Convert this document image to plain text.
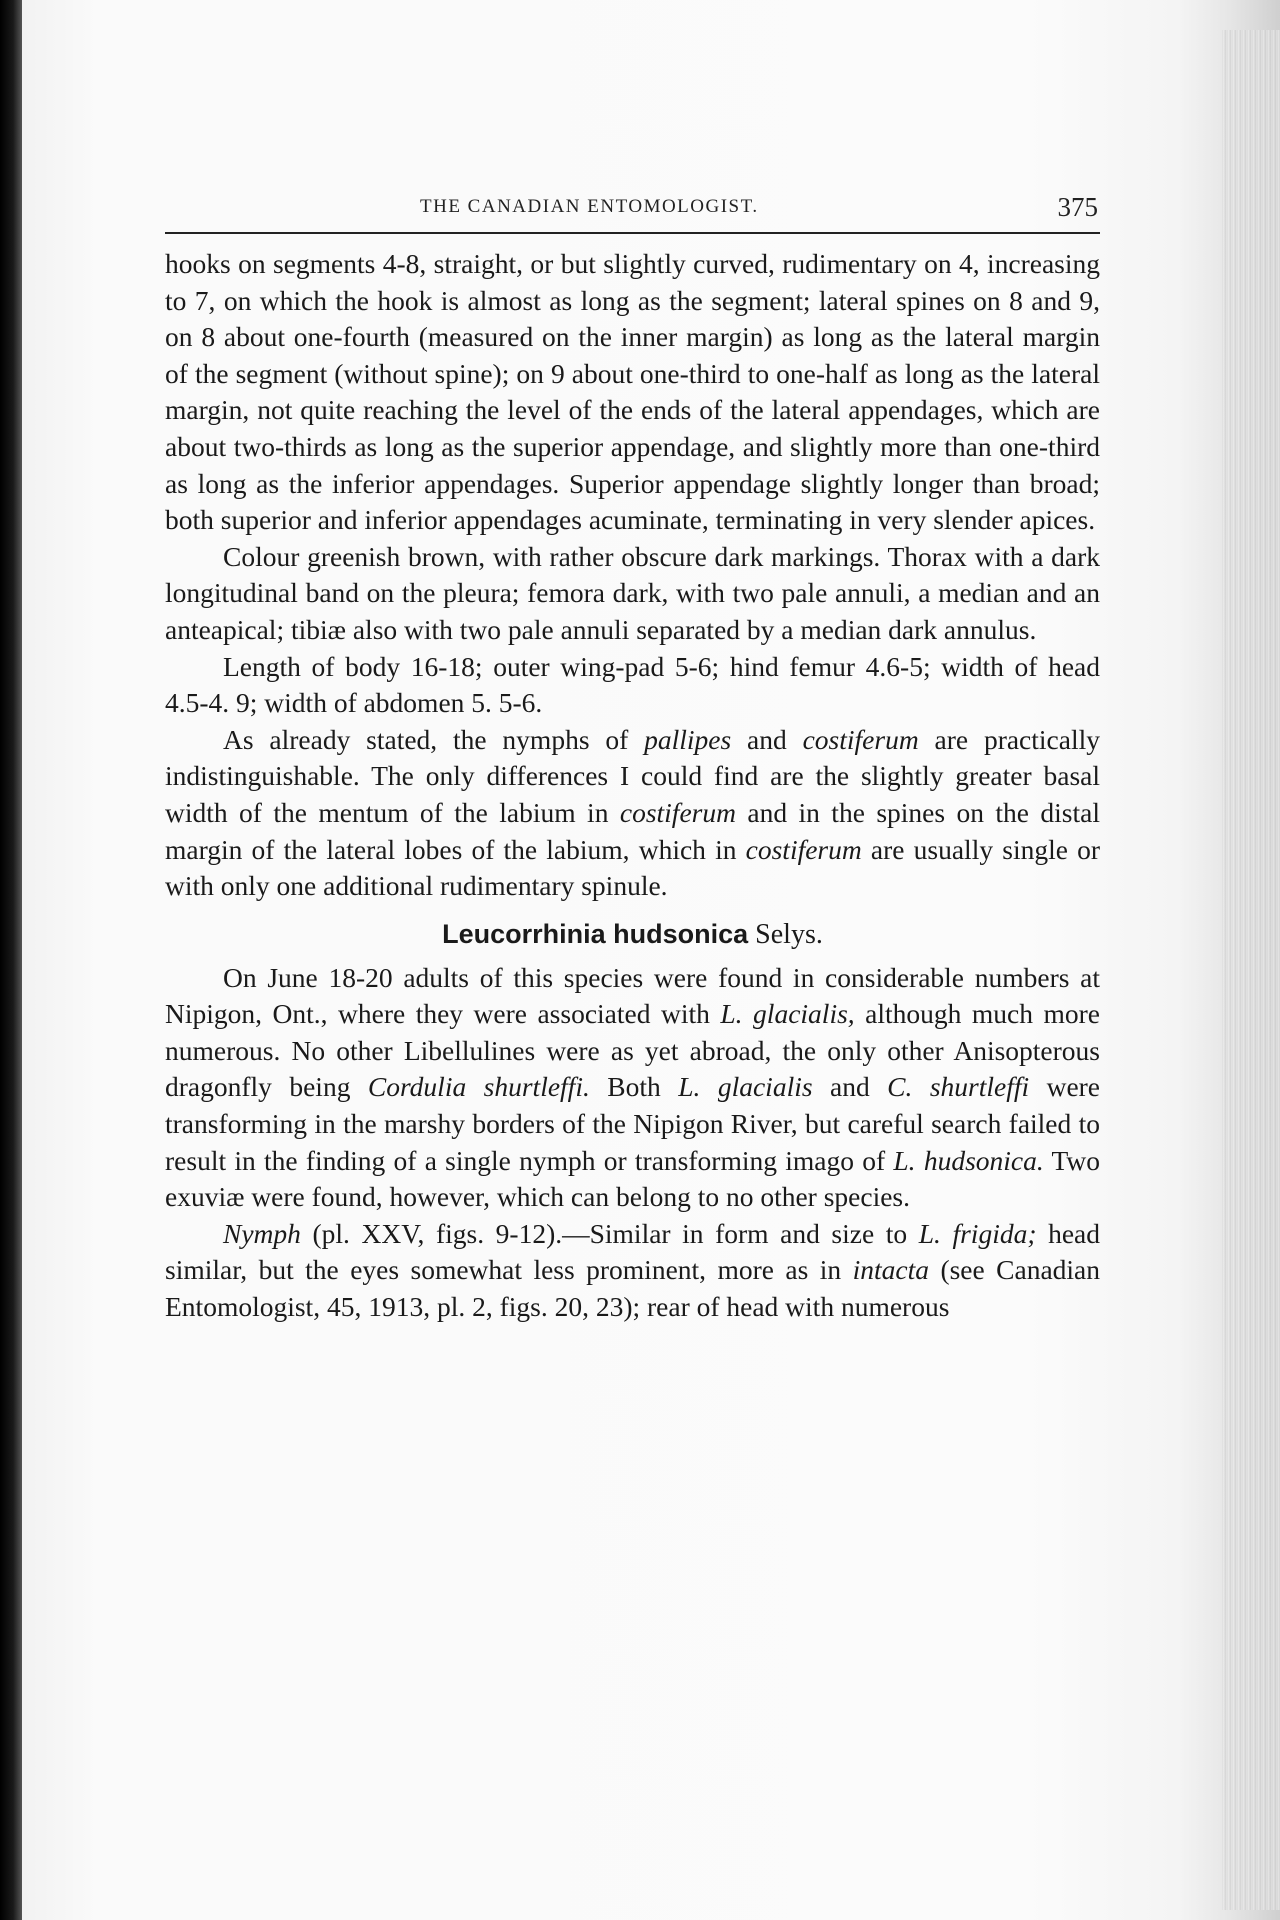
THE CANADIAN ENTOMOLOGIST.	375

hooks on segments 4-8, straight, or but slightly curved, rudimentary on 4, increasing to 7, on which the hook is almost as long as the segment; lateral spines on 8 and 9, on 8 about one-fourth (measured on the inner margin) as long as the lateral margin of the segment (without spine); on 9 about one-third to one-half as long as the lateral margin, not quite reaching the level of the ends of the lateral appendages, which are about two-thirds as long as the superior appendage, and slightly more than one-third as long as the inferior appendages. Superior appendage slightly longer than broad; both superior and inferior appendages acuminate, terminating in very slender apices.

Colour greenish brown, with rather obscure dark markings. Thorax with a dark longitudinal band on the pleura; femora dark, with two pale annuli, a median and an anteapical; tibiæ also with two pale annuli separated by a median dark annulus.

Length of body 16-18; outer wing-pad 5-6; hind femur 4.6-5; width of head 4.5-4. 9; width of abdomen 5. 5-6.

As already stated, the nymphs of pallipes and costiferum are practically indistinguishable. The only differences I could find are the slightly greater basal width of the mentum of the labium in costiferum and in the spines on the distal margin of the lateral lobes of the labium, which in costiferum are usually single or with only one additional rudimentary spinule.

Leucorrhinia hudsonica Selys.

On June 18-20 adults of this species were found in considerable numbers at Nipigon, Ont., where they were associated with L. glacialis, although much more numerous. No other Libellulines were as yet abroad, the only other Anisopterous dragonfly being Cordulia shurtleffi. Both L. glacialis and C. shurtleffi were transforming in the marshy borders of the Nipigon River, but careful search failed to result in the finding of a single nymph or transforming imago of L. hudsonica. Two exuviæ were found, however, which can belong to no other species.

Nymph (pl. XXV, figs. 9-12).—Similar in form and size to L. frigida; head similar, but the eyes somewhat less prominent, more as in intacta (see Canadian Entomologist, 45, 1913, pl. 2, figs. 20, 23); rear of head with numerous
